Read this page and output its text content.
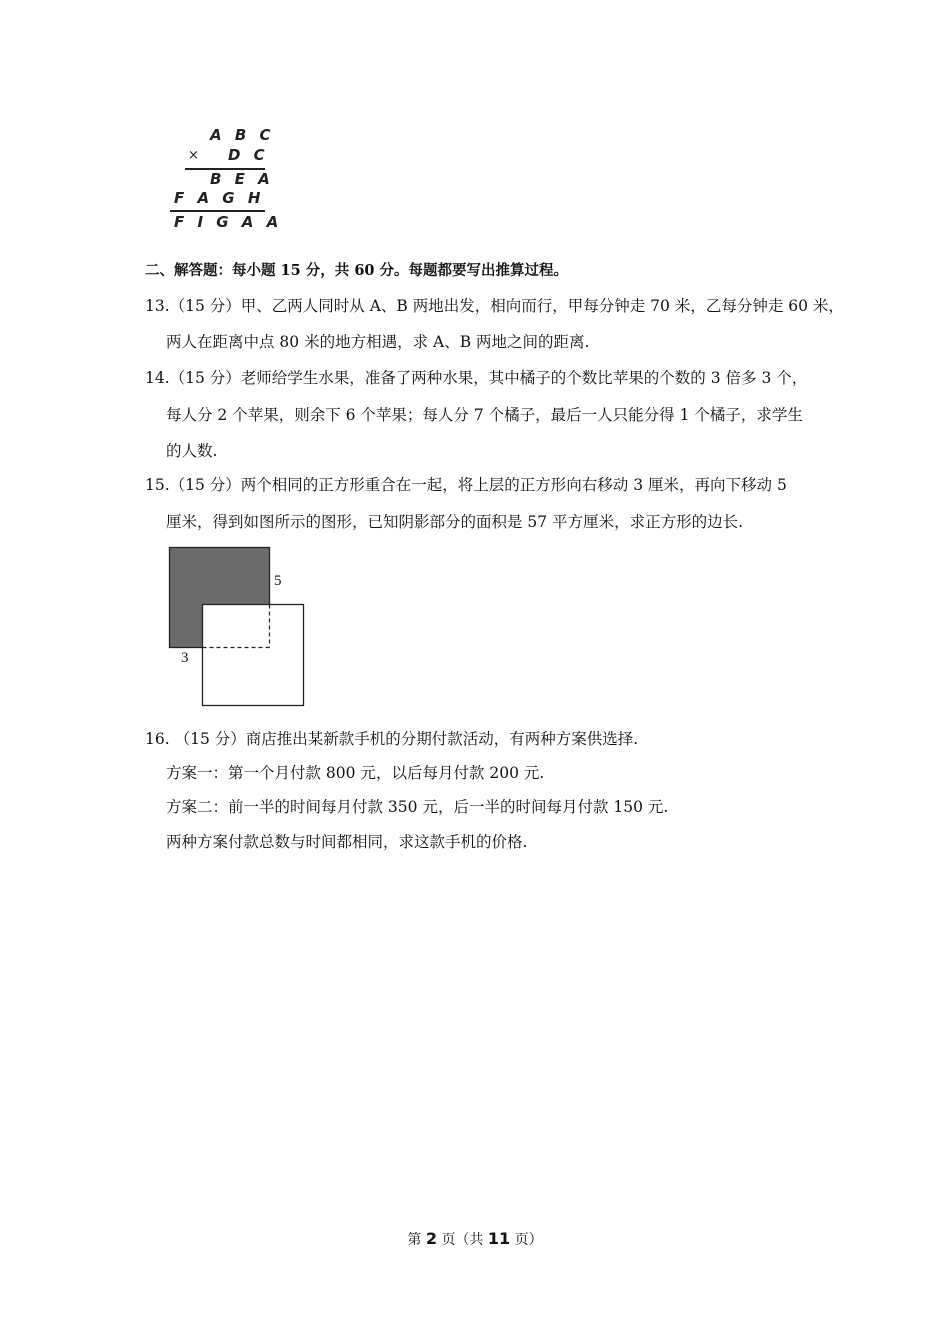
A B C
× D C
B E A
F A G H
F I G A A
二、解答题：每小题 15 分，共 60 分。每题都要写出推算过程。
13.（15 分）甲、乙两人同时从 A、B 两地出发，相向而行，甲每分钟走 70 米，乙每分钟走 60 米，
两人在距离中点 80 米的地方相遇，求 A、B 两地之间的距离.
14.（15 分）老师给学生水果，准备了两种水果，其中橘子的个数比苹果的个数的 3 倍多 3 个，
每人分 2 个苹果，则余下 6 个苹果；每人分 7 个橘子，最后一人只能分得 1 个橘子，求学生
的人数.
15.（15 分）两个相同的正方形重合在一起，将上层的正方形向右移动 3 厘米，再向下移动 5
厘米，得到如图所示的图形，已知阴影部分的面积是 57 平方厘米，求正方形的边长.
5
3
16. （15 分）商店推出某新款手机的分期付款活动，有两种方案供选择.
方案一：第一个月付款 800 元，以后每月付款 200 元.
方案二：前一半的时间每月付款 350 元，后一半的时间每月付款 150 元.
两种方案付款总数与时间都相同，求这款手机的价格.
第 2 页（共 11 页）
